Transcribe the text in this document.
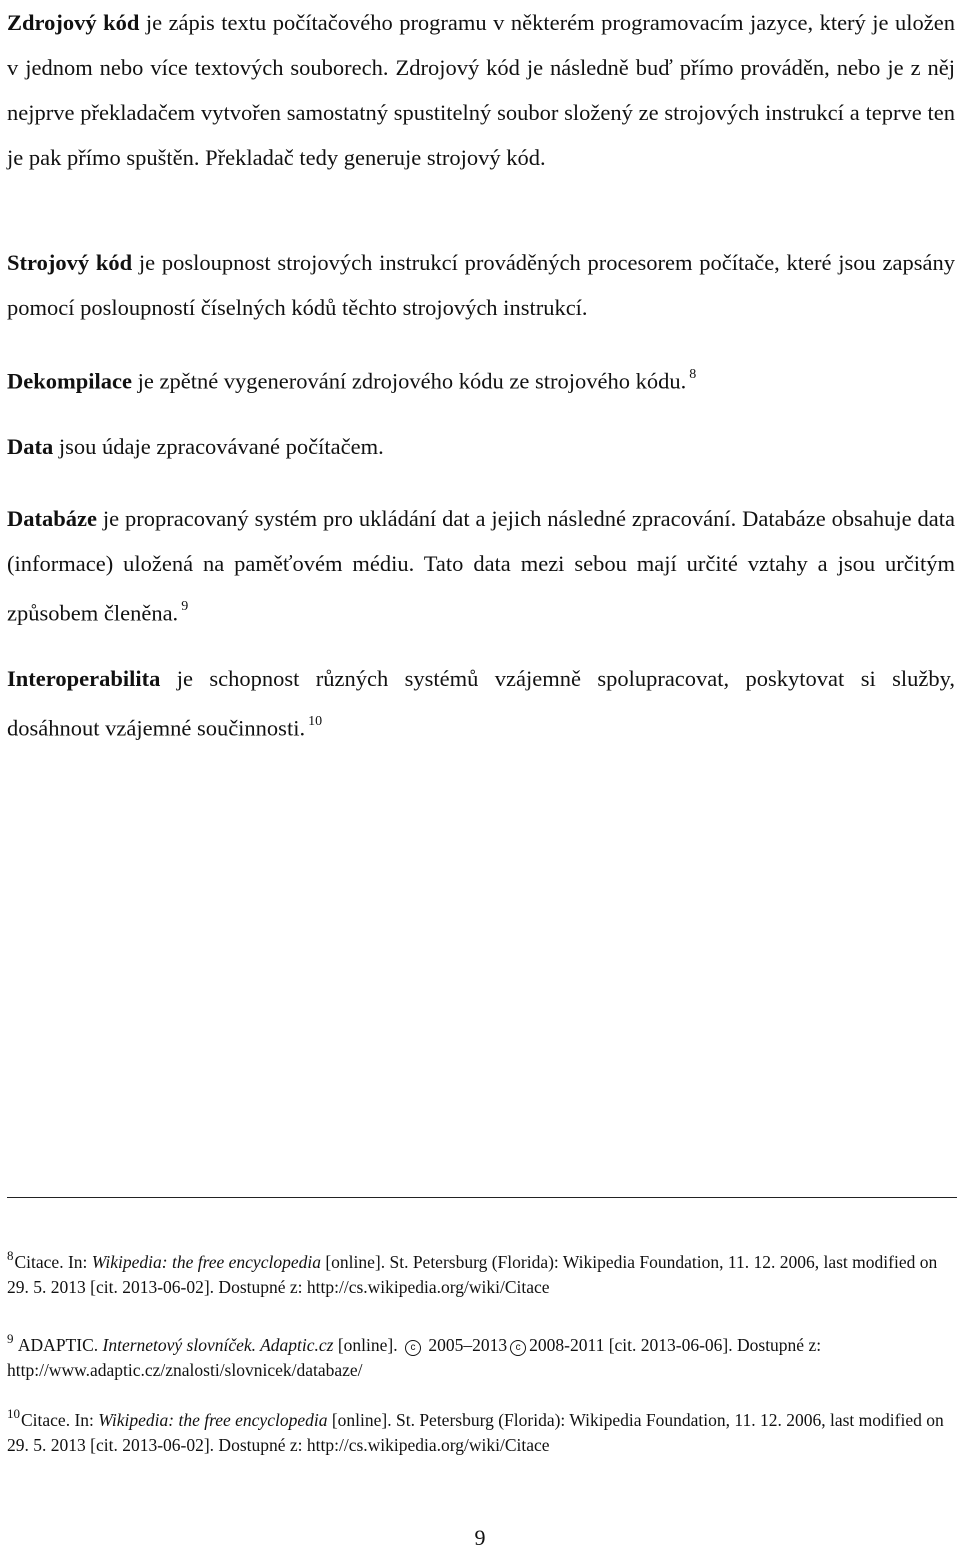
Zdrojový kód je zápis textu počítačového programu v některém programovacím jazyce, který je uložen v jednom nebo více textových souborech. Zdrojový kód je následně buď přímo prováděn, nebo je z něj nejprve překladačem vytvořen samostatný spustitelný soubor složený ze strojových instrukcí a teprve ten je pak přímo spuštěn. Překladač tedy generuje strojový kód.

Strojový kód je posloupnost strojových instrukcí prováděných procesorem počítače, které jsou zapsány pomocí posloupností číselných kódů těchto strojových instrukcí.

Dekompilace je zpětné vygenerování zdrojového kódu ze strojového kódu. $^8$

Data jsou údaje zpracovávané počítačem.

Databáze je propracovaný systém pro ukládání dat a jejich následné zpracování. Databáze obsahuje data (informace) uložená na paměťovém médiu. Tato data mezi sebou mají určité vztahy a jsou určitým způsobem členěna. $^9$

Interoperabilita je schopnost různých systémů vzájemně spolupracovat, poskytovat si služby, dosáhnout vzájemné součinnosti. $^{10}$

$^8$Citace. In: Wikipedia: the free encyclopedia [online]. St. Petersburg (Florida): Wikipedia Foundation, 11. 12. 2006, last modified on 29. 5. 2013 [cit. 2013-06-02]. Dostupné z: http://cs.wikipedia.org/wiki/Citace

$^9$ ADAPTIC. Internetový slovníček. Adaptic.cz [online]. c 2005–2013 c 2008-2011 [cit. 2013-06-06]. Dostupné z: http://www.adaptic.cz/znalosti/slovnicek/databaze/

$^{10}$Citace. In: Wikipedia: the free encyclopedia [online]. St. Petersburg (Florida): Wikipedia Foundation, 11. 12. 2006, last modified on 29. 5. 2013 [cit. 2013-06-02]. Dostupné z: http://cs.wikipedia.org/wiki/Citace

9
